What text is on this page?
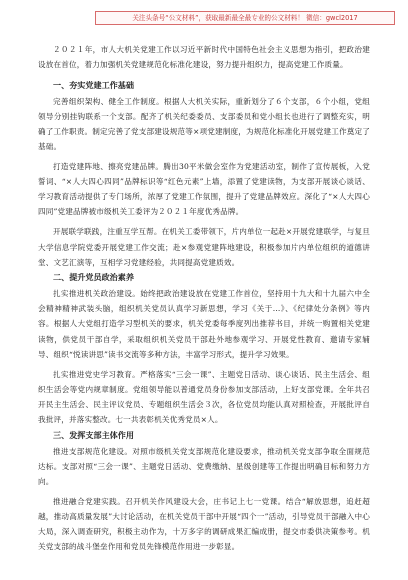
关注头条号“公文材料”，获取最新最全最专业的公文材料！ 微信：gwcl2017

２０２１年，市人大机关党建工作以习近平新时代中国特色社会主义思想为指引，把政治建设放在首位，着力加强机关党建规范化标准化建设，努力提升组织力，提高党建工作质量。

一、夯实党建工作基础

完善组织架构、健全工作制度。根据人大机关实际，重新划分了６个支部，６个小组，党组领导分别挂钩联系一个支部。配齐了机关纪委委员、支部委员和党小组长也进行了调整充实，明确了工作职责。制定完善了党支部建设规范等×项党建制度，为规范化标准化开展党建工作奠定了基础。

打造党建阵地、擦亮党建品牌。腾出30平米做会室作为党建活动室，制作了宣传展板，入党誓词、“×人大四心四同”品牌标识等“红色元素”上墙，添置了党建读物，为支部开展谈心谈话、学习教育活动提供了专门场所，浓厚了党建工作氛围，提升了党建品牌效应。深化了“×人大四心四同”党建品牌被市级机关工委评为２０２１年度优秀品牌。

开展联学联践，注重互学互帮。在机关工委带领下，片内单位一起赴×开展党建联学，与复旦大学信息学院党委开展党建工作交流；赴×参观党建阵地建设，积极参加片内单位组织的道德讲堂、文艺汇演等，互相学习党建经验，共同提高党建质效。

二、提升党员政治素养

扎实推进机关政治建设。始终把政治建设放在党建工作首位，坚持用十九大和十九届六中全会精神精神武装头脑，组织机关党员认真学习新思想，学习《关于...》、《纪律处分条例》等内容。根据人大党组打造学习型机关的要求，机关党委每季度列出推荐书目，并统一购置相关党建读物，供党员干部自学，采取组织机关党员干部赴外地参观学习、开展党性教育、邀请专家辅导、组织“悦读讲思”读书交流等多种方法，丰富学习形式，提升学习效果。

扎实推进党史学习教育。严格落实“三会一课”、主题党日活动、谈心谈话、民主生活会、组织生活会等党内规章制度。党组领导能以普通党员身份参加支部活动，上好支部党课。全年共召开民主生活会、民主评议党员、专题组织生活会３次，各位党员均能认真对照检查，开展批评自我批评，并落实整改。七一共表彰机关优秀党员×人。

三、发挥支部主体作用

推进支部规范化建设。对照市级机关党支部规范化建设要求，推动机关党支部争取全面规范达标。支部对照“三会一课”、主题党日活动、党费缴纳、星级创建等工作提出明确目标和努力方向。

推进融合党建实践。召开机关作风建设大会，庄书记上七一党课。结合“解放思想，追赶超越，推动高质量发展”大讨论活动，在机关党员干部中开展“四个一”活动，引导党员干部融入中心大局，深入调查研究，积极主动作为，十万多字的调研成果汇编成册，提交市委供决策参考。机关党支部的战斗堡垒作用和党员先锋模范作用进一步彰显。
